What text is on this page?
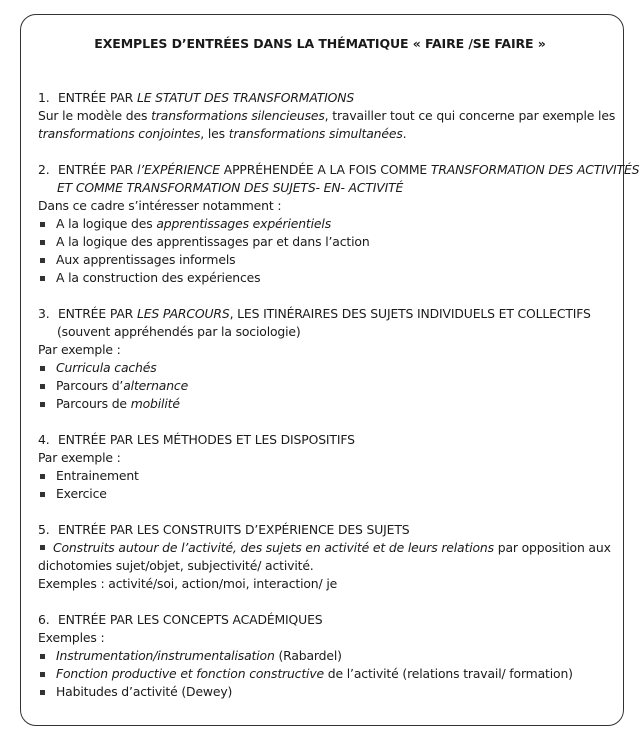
EXEMPLES D’ENTRÉES DANS LA THÉMATIQUE « FAIRE /SE FAIRE »
1. ENTRÉE PAR LE STATUT DES TRANSFORMATIONS
Sur le modèle des transformations silencieuses, travailler tout ce qui concerne par exemple les
transformations conjointes, les transformations simultanées.
2. ENTRÉE PAR l’EXPÉRIENCE APPRÉHENDÉE A LA FOIS COMME TRANSFORMATION DES ACTIVITÉS
ET COMME TRANSFORMATION DES SUJETS- EN- ACTIVITÉ
Dans ce cadre s’intéresser notamment :
A la logique des apprentissages expérientiels
A la logique des apprentissages par et dans l’action
Aux apprentissages informels
A la construction des expériences
3. ENTRÉE PAR LES PARCOURS, LES ITINÉRAIRES DES SUJETS INDIVIDUELS ET COLLECTIFS
(souvent appréhendés par la sociologie)
Par exemple :
Curricula cachés
Parcours d’alternance
Parcours de mobilité
4. ENTRÉE PAR LES MÉTHODES ET LES DISPOSITIFS
Par exemple :
Entrainement
Exercice
5. ENTRÉE PAR LES CONSTRUITS D’EXPÉRIENCE DES SUJETS
Construits autour de l’activité, des sujets en activité et de leurs relations par opposition aux
dichotomies sujet/objet, subjectivité/ activité.
Exemples : activité/soi, action/moi, interaction/ je
6. ENTRÉE PAR LES CONCEPTS ACADÉMIQUES
Exemples :
Instrumentation/instrumentalisation (Rabardel)
Fonction productive et fonction constructive de l’activité (relations travail/ formation)
Habitudes d’activité (Dewey)
